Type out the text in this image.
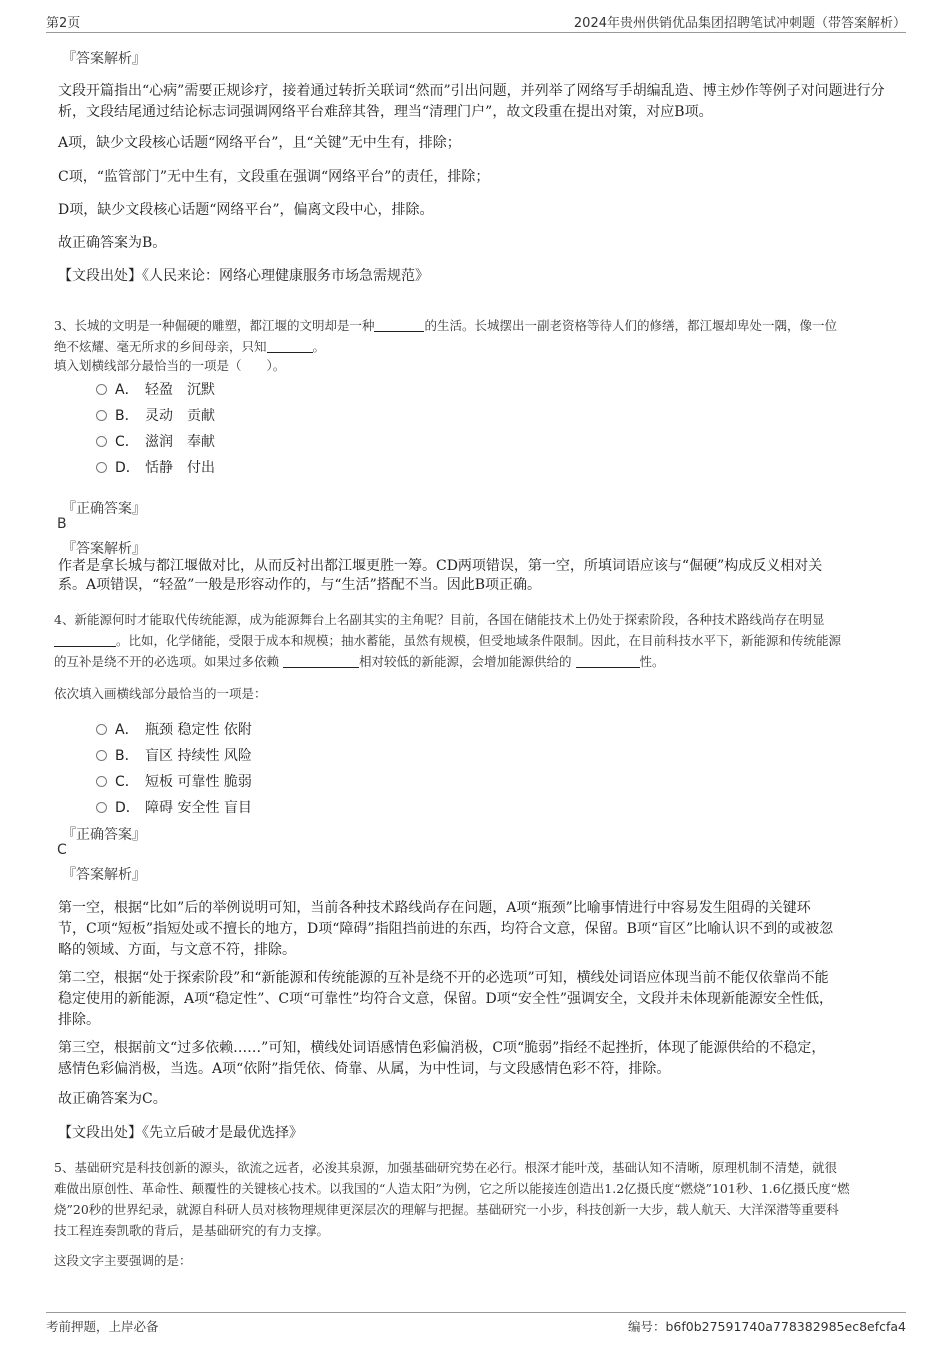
第2页	2024年贵州供销优品集团招聘笔试冲刺题（带答案解析）
『答案解析』
文段开篇指出“心病”需要正规诊疗，接着通过转折关联词“然而”引出问题，并列举了网络写手胡编乱造、博主炒作等例子对问题进行分析，文段结尾通过结论标志词强调网络平台难辞其咎，理当“清理门户”，故文段重在提出对策，对应B项。
A项，缺少文段核心话题“网络平台”，且“关键”无中生有，排除；
C项，“监管部门”无中生有，文段重在强调“网络平台”的责任，排除；
D项，缺少文段核心话题“网络平台”，偏离文段中心，排除。
故正确答案为B。
【文段出处】《人民来论：网络心理健康服务市场急需规范》
3、长城的文明是一种倔硬的雕塑，都江堰的文明却是一种	的生活。长城摆出一副老资格等待人们的修缮，都江堰却卑处一隅，像一位
绝不炫耀、毫无所求的乡间母亲，只知	。
填入划横线部分最恰当的一项是（　　）。
A． 轻盈　沉默
B． 灵动　贡献
C． 滋润　奉献
D． 恬静　付出
『正确答案』
B
『答案解析』
作者是拿长城与都江堰做对比，从而反衬出都江堰更胜一筹。CD两项错误，第一空，所填词语应该与“倔硬”构成反义相对关
系。A项错误，“轻盈”一般是形容动作的，与“生活”搭配不当。因此B项正确。
4、新能源何时才能取代传统能源，成为能源舞台上名副其实的主角呢？目前，各国在储能技术上仍处于探索阶段，各种技术路线尚存在明显
。比如，化学储能，受限于成本和规模；抽水蓄能，虽然有规模，但受地域条件限制。因此，在目前科技水平下，新能源和传统能源
的互补是绕不开的必选项。如果过多依赖	相对较低的新能源，会增加能源供给的	性。
依次填入画横线部分最恰当的一项是：
A． 瓶颈 稳定性 依附
B． 盲区 持续性 风险
C． 短板 可靠性 脆弱
D． 障碍 安全性 盲目
『正确答案』
C
『答案解析』
第一空，根据“比如”后的举例说明可知，当前各种技术路线尚存在问题，A项“瓶颈”比喻事情进行中容易发生阻碍的关键环
节，C项“短板”指短处或不擅长的地方，D项“障碍”指阻挡前进的东西，均符合文意，保留。B项“盲区”比喻认识不到的或被忽
略的领域、方面，与文意不符，排除。
第二空，根据“处于探索阶段”和“新能源和传统能源的互补是绕不开的必选项”可知，横线处词语应体现当前不能仅依靠尚不能
稳定使用的新能源，A项“稳定性”、C项“可靠性”均符合文意，保留。D项“安全性”强调安全，文段并未体现新能源安全性低，
排除。
第三空，根据前文“过多依赖……”可知，横线处词语感情色彩偏消极，C项“脆弱”指经不起挫折，体现了能源供给的不稳定，
感情色彩偏消极，当选。A项“依附”指凭依、倚靠、从属，为中性词，与文段感情色彩不符，排除。
故正确答案为C。
【文段出处】《先立后破才是最优选择》
5、基础研究是科技创新的源头，欲流之远者，必浚其泉源，加强基础研究势在必行。根深才能叶茂，基础认知不清晰，原理机制不清楚，就很
难做出原创性、革命性、颠覆性的关键核心技术。以我国的“人造太阳”为例，它之所以能接连创造出1.2亿摄氏度“燃烧”101秒、1.6亿摄氏度“燃
烧”20秒的世界纪录，就源自科研人员对核物理规律更深层次的理解与把握。基础研究一小步，科技创新一大步，载人航天、大洋深潜等重要科
技工程连奏凯歌的背后，是基础研究的有力支撑。
这段文字主要强调的是：
考前押题，上岸必备	编号：b6f0b27591740a778382985ec8efcfa4
